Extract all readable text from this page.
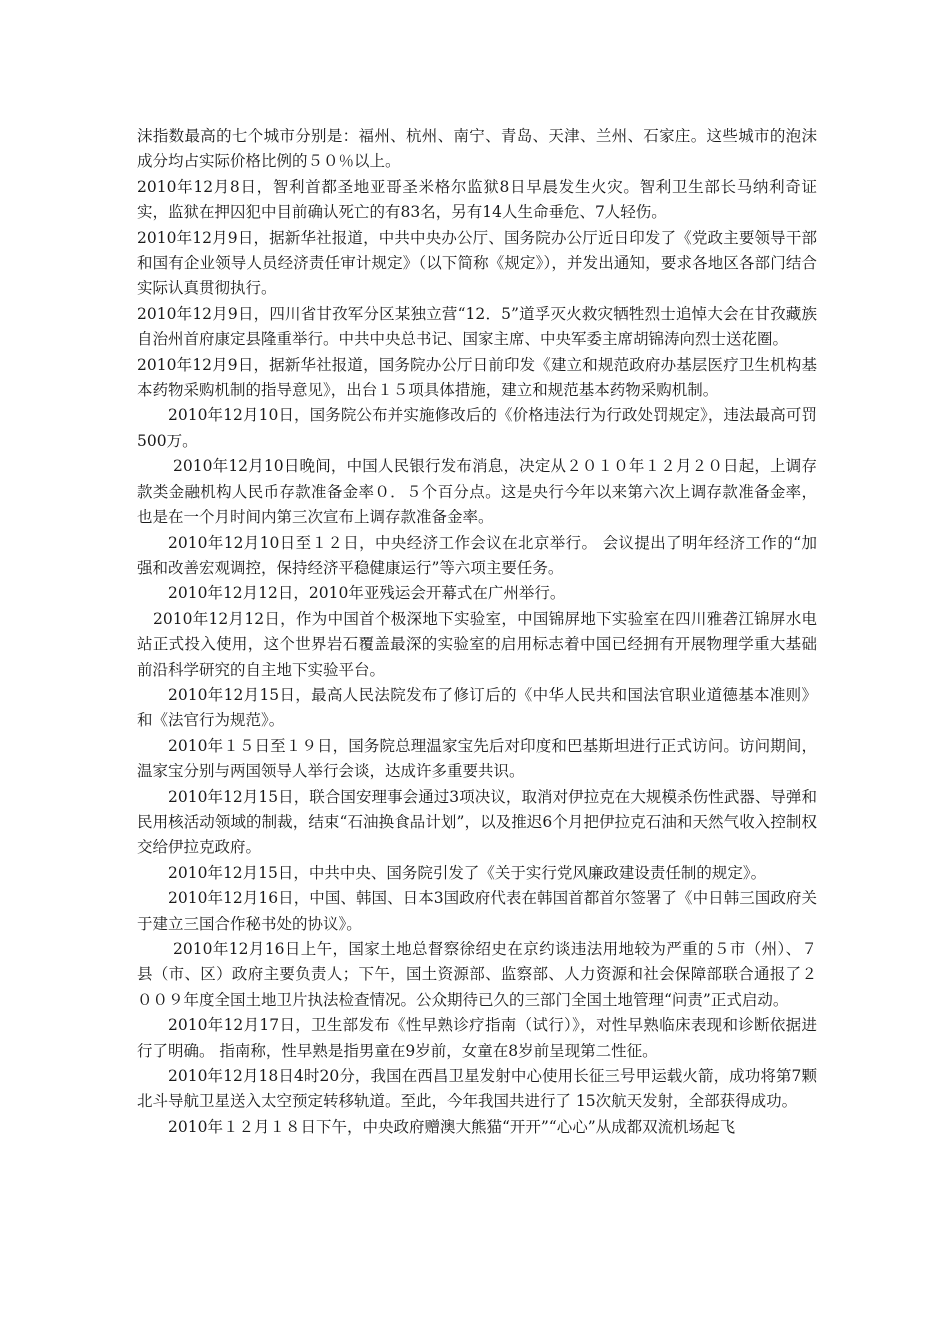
沫指数最高的七个城市分别是：福州、杭州、南宁、青岛、天津、兰州、石家庄。这些城市的泡沫成分均占实际价格比例的５０％以上。

2010年12月8日，智利首都圣地亚哥圣米格尔监狱8日早晨发生火灾。智利卫生部长马纳利奇证实，监狱在押囚犯中目前确认死亡的有83名，另有14人生命垂危、7人轻伤。

2010年12月9日，据新华社报道，中共中央办公厅、国务院办公厅近日印发了《党政主要领导干部和国有企业领导人员经济责任审计规定》（以下简称《规定》），并发出通知，要求各地区各部门结合实际认真贯彻执行。

2010年12月9日，四川省甘孜军分区某独立营“12．5”道孚灭火救灾牺牲烈士追悼大会在甘孜藏族自治州首府康定县隆重举行。中共中央总书记、国家主席、中央军委主席胡锦涛向烈士送花圈。

2010年12月9日，据新华社报道，国务院办公厅日前印发《建立和规范政府办基层医疗卫生机构基本药物采购机制的指导意见》，出台１５项具体措施，建立和规范基本药物采购机制。

2010年12月10日，国务院公布并实施修改后的《价格违法行为行政处罚规定》，违法最高可罚500万。

2010年12月10日晚间，中国人民银行发布消息，决定从２０１０年１２月２０日起，上调存款类金融机构人民币存款准备金率０．５个百分点。这是央行今年以来第六次上调存款准备金率，也是在一个月时间内第三次宣布上调存款准备金率。

2010年12月10日至１２日，中央经济工作会议在北京举行。 会议提出了明年经济工作的“加强和改善宏观调控，保持经济平稳健康运行”等六项主要任务。

2010年12月12日，2010年亚残运会开幕式在广州举行。

2010年12月12日，作为中国首个极深地下实验室，中国锦屏地下实验室在四川雅砻江锦屏水电站正式投入使用，这个世界岩石覆盖最深的实验室的启用标志着中国已经拥有开展物理学重大基础前沿科学研究的自主地下实验平台。

2010年12月15日，最高人民法院发布了修订后的《中华人民共和国法官职业道德基本准则》和《法官行为规范》。

2010年１５日至１９日，国务院总理温家宝先后对印度和巴基斯坦进行正式访问。访问期间，温家宝分别与两国领导人举行会谈，达成许多重要共识。

2010年12月15日，联合国安理事会通过3项决议，取消对伊拉克在大规模杀伤性武器、导弹和民用核活动领域的制裁，结束“石油换食品计划”，以及推迟6个月把伊拉克石油和天然气收入控制权交给伊拉克政府。

2010年12月15日，中共中央、国务院引发了《关于实行党风廉政建设责任制的规定》。

2010年12月16日，中国、韩国、日本3国政府代表在韩国首都首尔签署了《中日韩三国政府关于建立三国合作秘书处的协议》。

2010年12月16日上午，国家土地总督察徐绍史在京约谈违法用地较为严重的５市（州）、７县（市、区）政府主要负责人；下午，国土资源部、监察部、人力资源和社会保障部联合通报了２００９年度全国土地卫片执法检查情况。公众期待已久的三部门全国土地管理“问责”正式启动。

2010年12月17日，卫生部发布《性早熟诊疗指南（试行）》，对性早熟临床表现和诊断依据进行了明确。 指南称，性早熟是指男童在9岁前，女童在8岁前呈现第二性征。

2010年12月18日4时20分，我国在西昌卫星发射中心使用长征三号甲运载火箭，成功将第7颗北斗导航卫星送入太空预定转移轨道。至此，今年我国共进行了 15次航天发射，全部获得成功。

2010年１２月１８日下午，中央政府赠澳大熊猫“开开”“心心”从成都双流机场起飞
